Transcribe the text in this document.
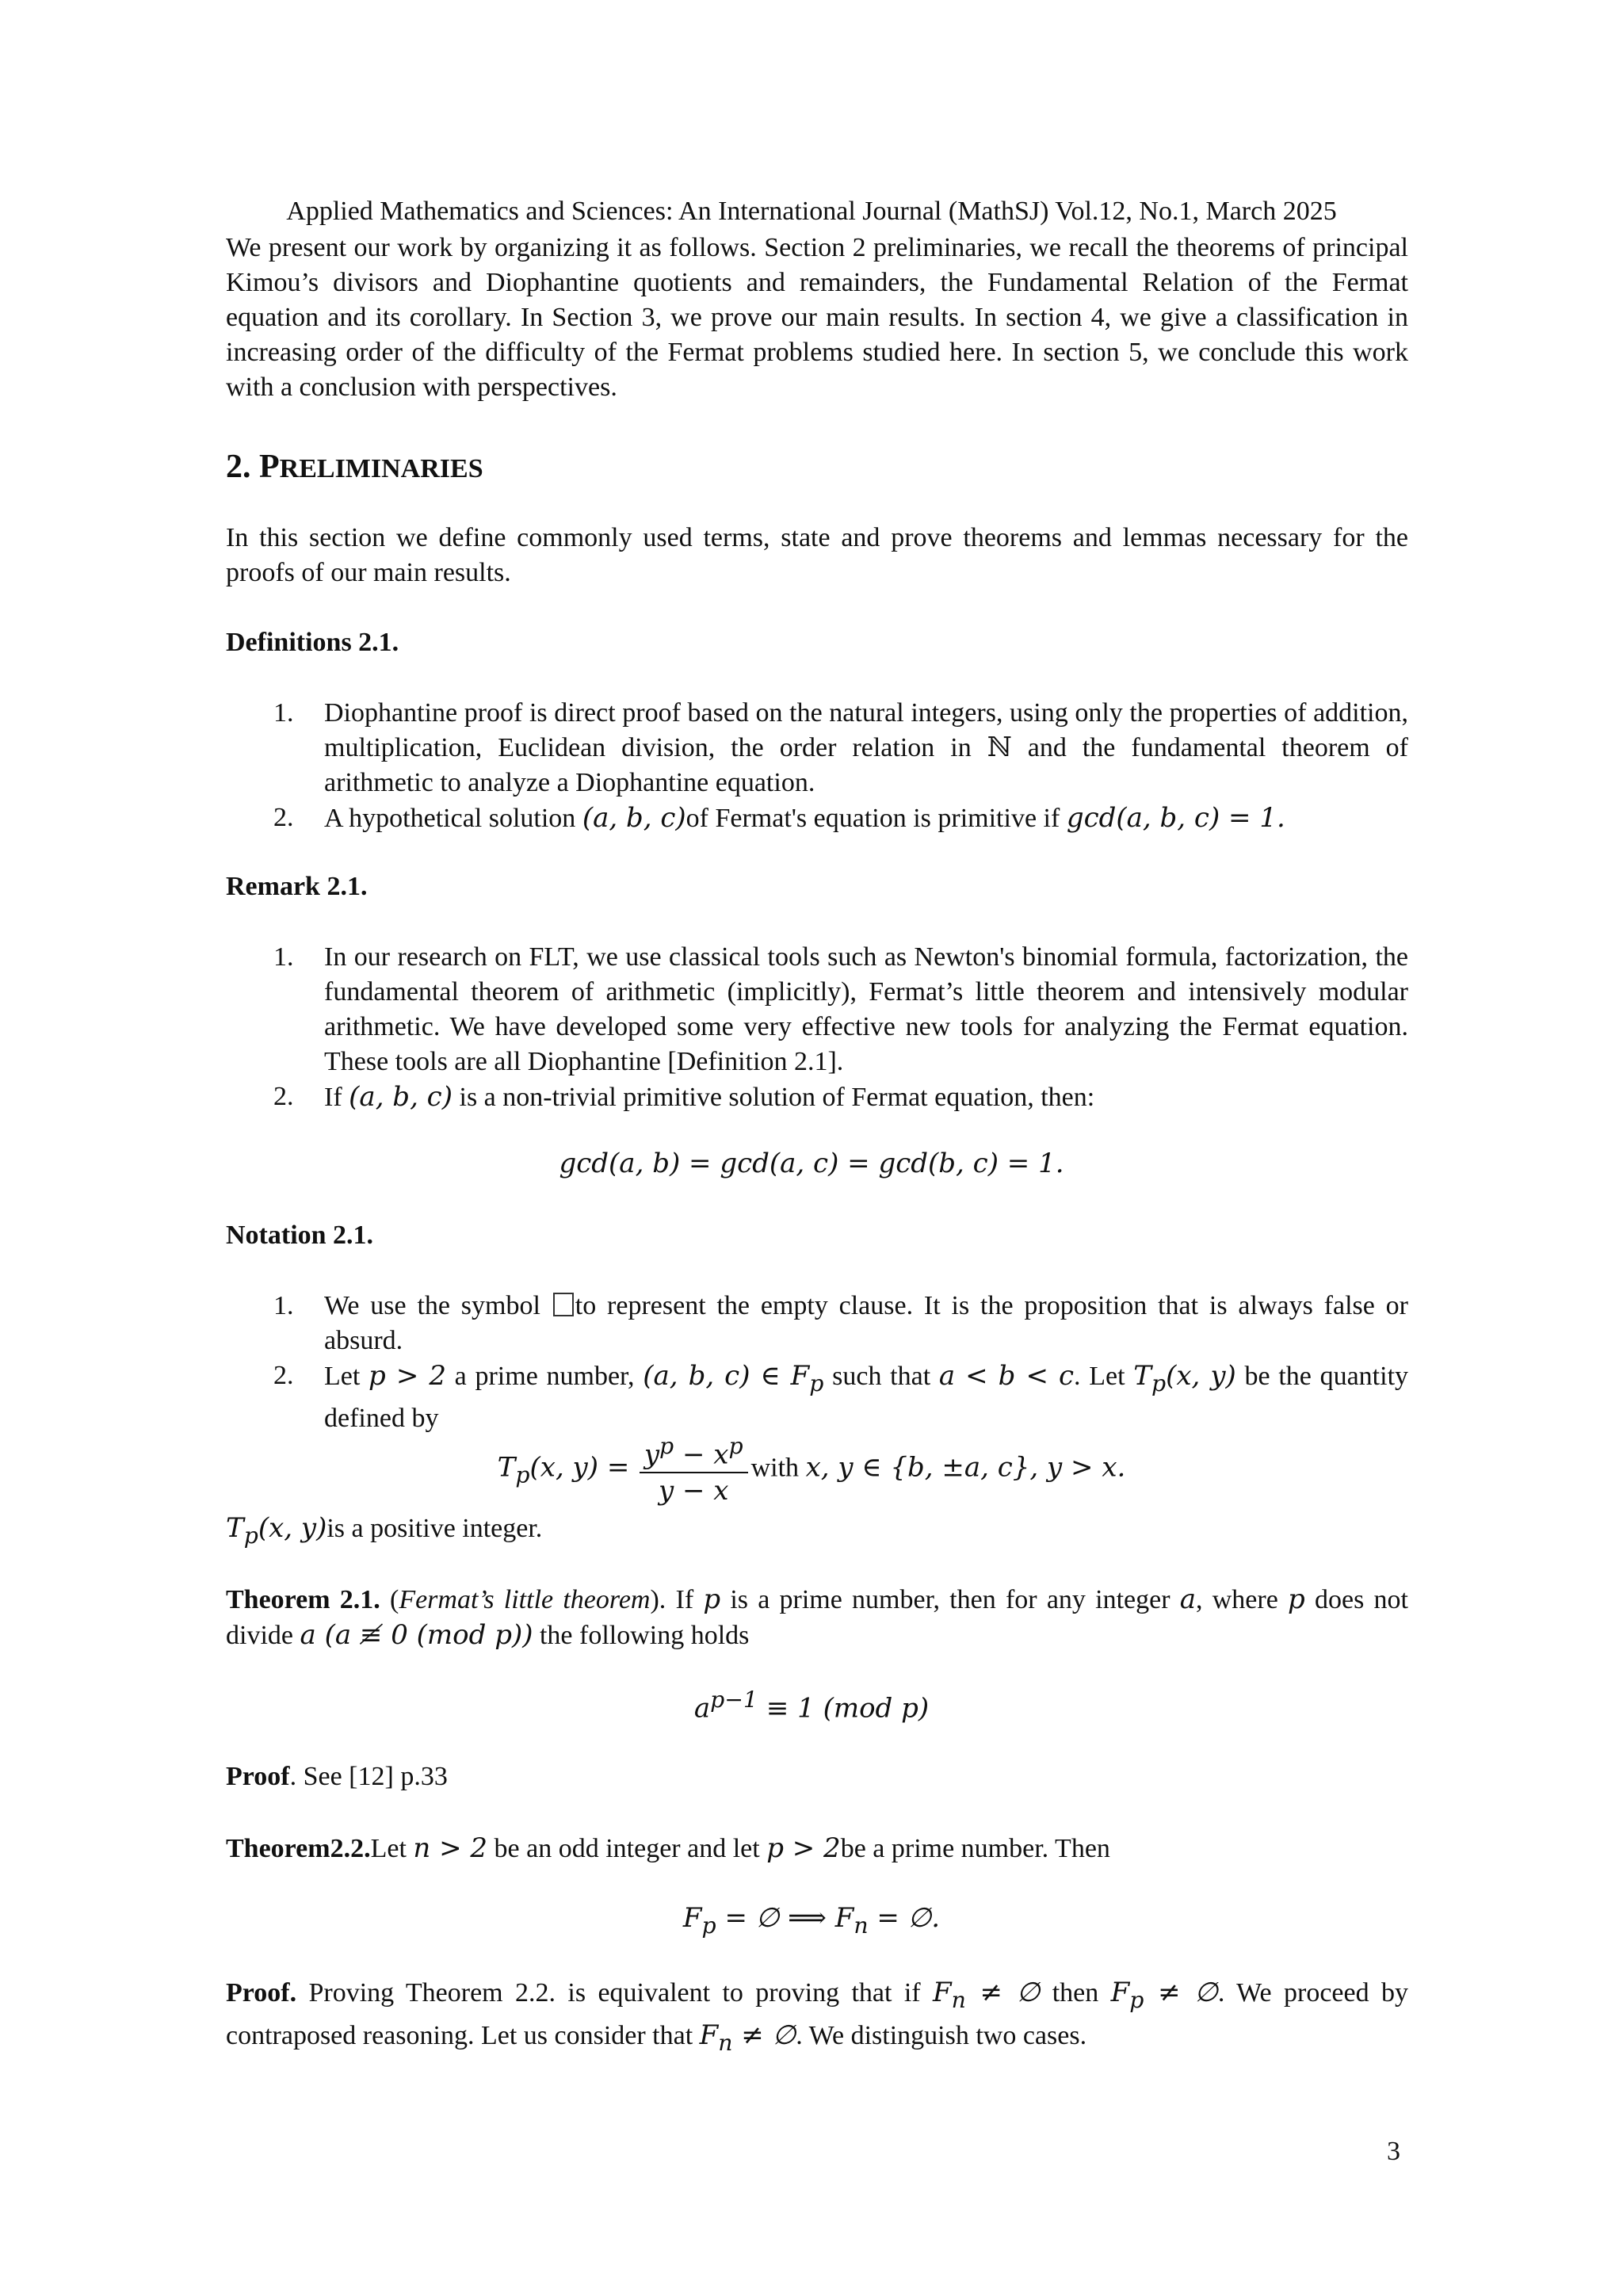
Applied Mathematics and Sciences: An International Journal (MathSJ) Vol.12, No.1, March 2025
We present our work by organizing it as follows. Section 2 preliminaries, we recall the theorems of principal Kimou’s divisors and Diophantine quotients and remainders, the Fundamental Relation of the Fermat equation and its corollary. In Section 3, we prove our main results. In section 4, we give a classification in increasing order of the difficulty of the Fermat problems studied here. In section 5, we conclude this work with a conclusion with perspectives.
2. PRELIMINARIES
In this section we define commonly used terms, state and prove theorems and lemmas necessary for the proofs of our main results.
Definitions 2.1.
1.	Diophantine proof is direct proof based on the natural integers, using only the properties of addition, multiplication, Euclidean division, the order relation in ℕ and the fundamental theorem of arithmetic to analyze a Diophantine equation.
2.	A hypothetical solution (a, b, c)of Fermat's equation is primitive if gcd(a, b, c) = 1.
Remark 2.1.
1.	In our research on FLT, we use classical tools such as Newton's binomial formula, factorization, the fundamental theorem of arithmetic (implicitly), Fermat’s little theorem and intensively modular arithmetic. We have developed some very effective new tools for analyzing the Fermat equation. These tools are all Diophantine [Definition 2.1].
2.	If (a, b, c) is a non-trivial primitive solution of Fermat equation, then:
gcd(a, b) = gcd(a, c) = gcd(b, c) = 1.
Notation 2.1.
1.	We use the symbol to represent the empty clause. It is the proposition that is always false or absurd.
2.	Let p > 2 a prime number, (a, b, c) ∈ $F_p$ such that a < b < c. Let $T_p(x$, y) be the quantity defined by
$T_p(x$, $y) = \frac{y^p - x^p}{y - x}$ with x, y ∈ {b, ±a, c}, y > x.
$T_p(x$, y)is a positive integer.
Theorem 2.1. (Fermat’s little theorem). If p is a prime number, then for any integer a, where p does not divide a (a ≢ 0 (mod p)) the following holds
$a^{p-1} \equiv 1$ (mod p)
Proof. See [12] p.33
Theorem2.2.Let n > 2 be an odd integer and let p > 2be a prime number. Then
$F_p$ = ∅ ⟹ $F_n$ = ∅.
Proof. Proving Theorem 2.2. is equivalent to proving that if $F_n$ ≠ ∅ then $F_p$ ≠ ∅. We proceed by contraposed reasoning. Let us consider that $F_n$ ≠ ∅. We distinguish two cases.
3
